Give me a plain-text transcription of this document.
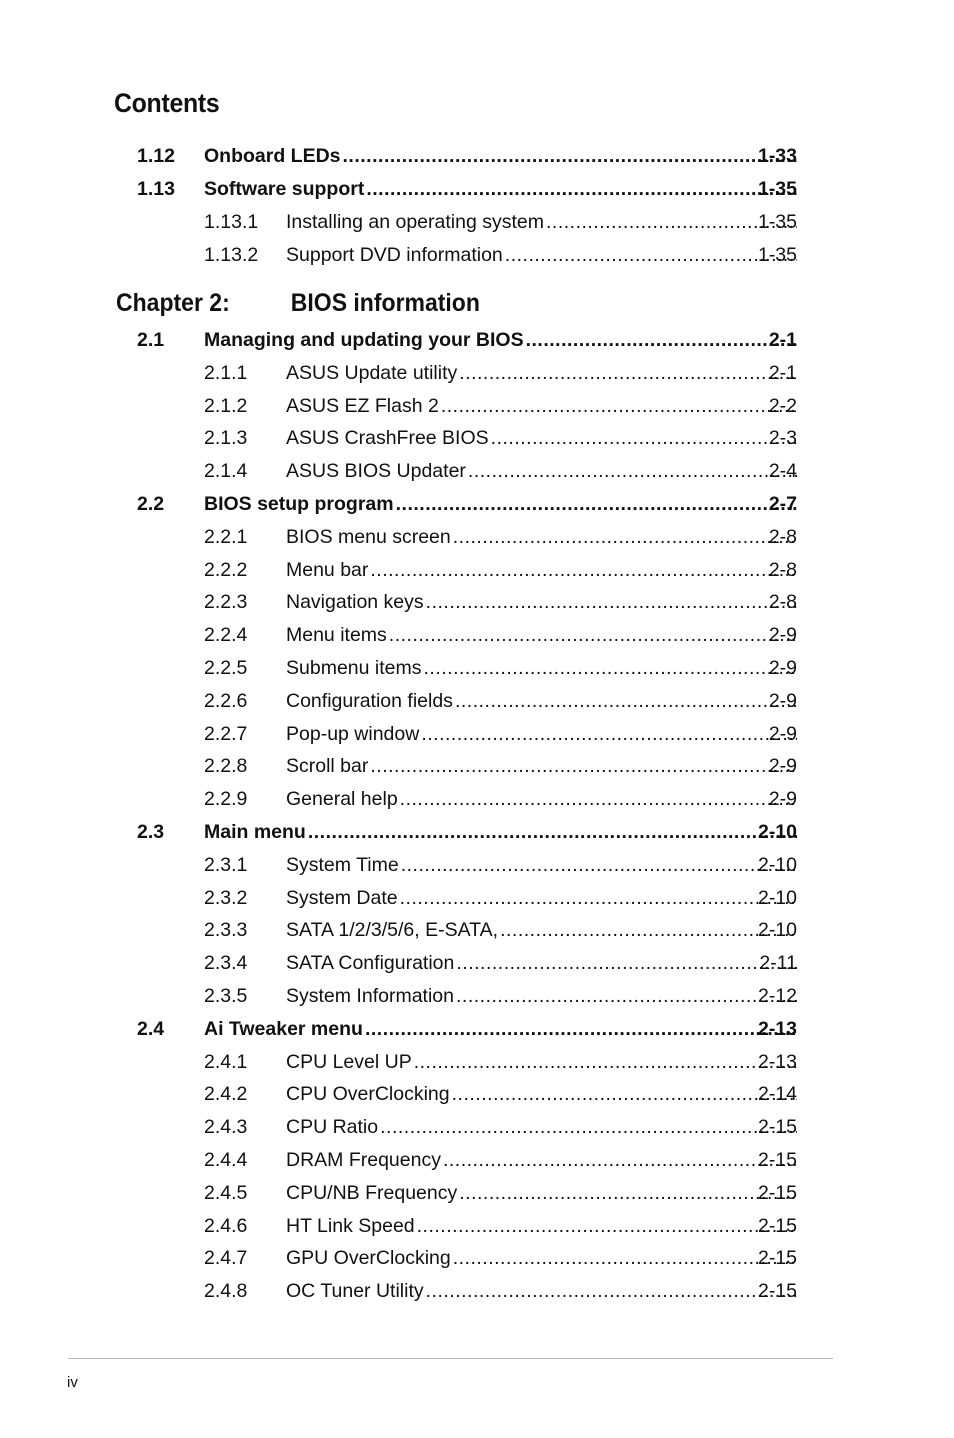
Contents
1.12 Onboard LEDs .....	1-33
1.13 Software support .....	1-35
1.13.1 Installing an operating system .....	1-35
1.13.2 Support DVD information .....	1-35
Chapter 2: BIOS information
2.1 Managing and updating your BIOS .....	2-1
2.1.1 ASUS Update utility .....	2-1
2.1.2 ASUS EZ Flash 2 .....	2-2
2.1.3 ASUS CrashFree BIOS .....	2-3
2.1.4 ASUS BIOS Updater .....	2-4
2.2 BIOS setup program .....	2-7
2.2.1 BIOS menu screen .....	2-8
2.2.2 Menu bar .....	2-8
2.2.3 Navigation keys .....	2-8
2.2.4 Menu items .....	2-9
2.2.5 Submenu items .....	2-9
2.2.6 Configuration fields .....	2-9
2.2.7 Pop-up window .....	2-9
2.2.8 Scroll bar .....	2-9
2.2.9 General help .....	2-9
2.3 Main menu .....	2-10
2.3.1 System Time .....	2-10
2.3.2 System Date .....	2-10
2.3.3 SATA 1/2/3/5/6, E-SATA, .....	2-10
2.3.4 SATA Configuration .....	2-11
2.3.5 System Information .....	2-12
2.4 Ai Tweaker menu .....	2-13
2.4.1 CPU Level UP .....	2-13
2.4.2 CPU OverClocking .....	2-14
2.4.3 CPU Ratio .....	2-15
2.4.4 DRAM Frequency .....	2-15
2.4.5 CPU/NB Frequency .....	2-15
2.4.6 HT Link Speed .....	2-15
2.4.7 GPU OverClocking .....	2-15
2.4.8 OC Tuner Utility .....	2-15
iv
